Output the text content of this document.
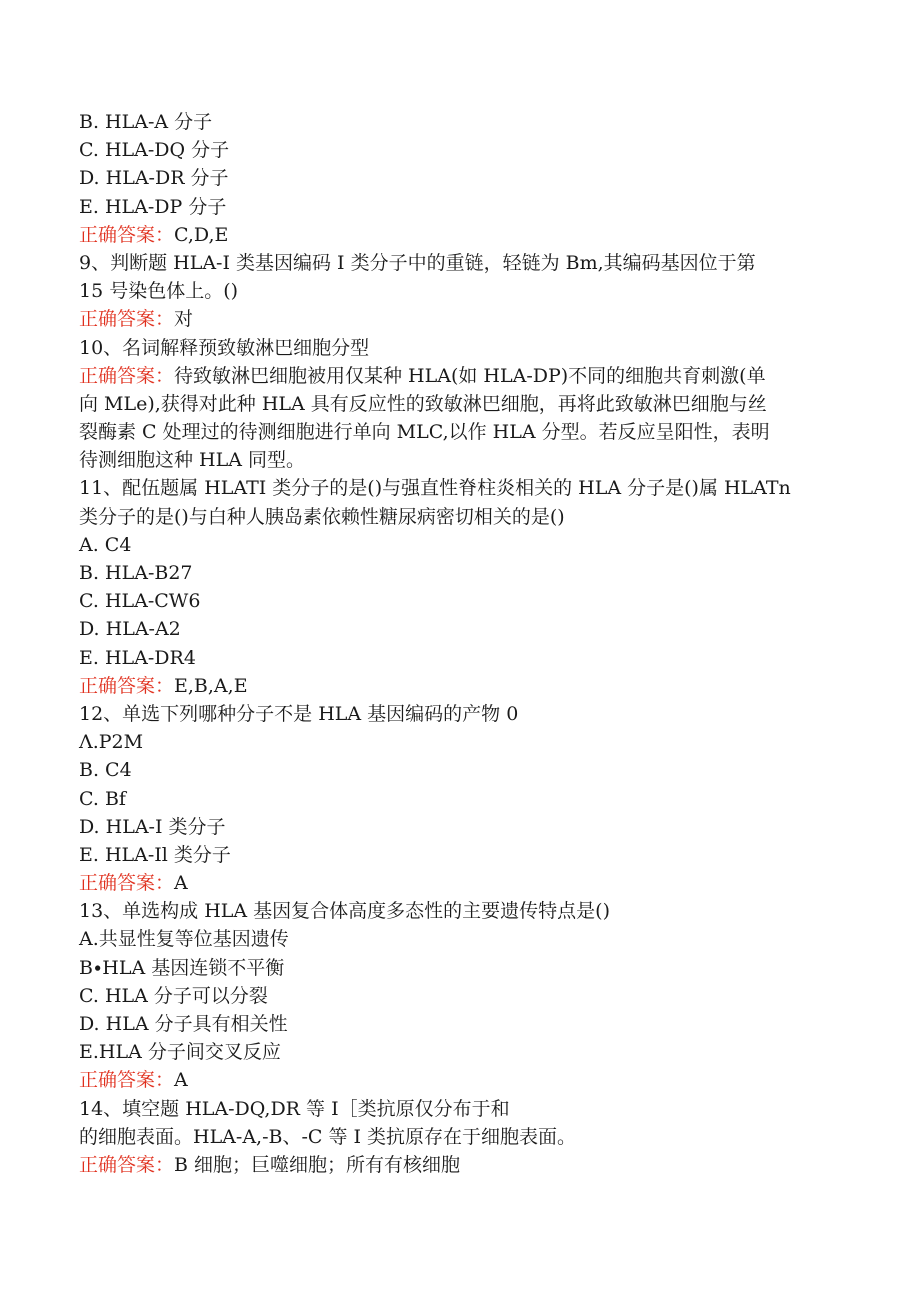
B. HLA-A 分子
C. HLA-DQ 分子
D. HLA-DR 分子
E. HLA-DP 分子
正确答案：C,D,E
9、判断题 HLA-I 类基因编码 I 类分子中的重链，轻链为 Bm,其编码基因位于第
15 号染色体上。()
正确答案：对
10、名词解释预致敏淋巴细胞分型
正确答案：待致敏淋巴细胞被用仅某种 HLA(如 HLA-DP)不同的细胞共育刺激(单
向 MLe),获得对此种 HLA 具有反应性的致敏淋巴细胞，再将此致敏淋巴细胞与丝
裂酶素 C 处理过的待测细胞进行单向 MLC,以作 HLA 分型。若反应呈阳性，表明
待测细胞这种 HLA 同型。
11、配伍题属 HLATI 类分子的是()与强直性脊柱炎相关的 HLA 分子是()属 HLATn
类分子的是()与白种人胰岛素依赖性糖尿病密切相关的是()
A. C4
B. HLA-B27
C. HLA-CW6
D. HLA-A2
E. HLA-DR4
正确答案：E,B,A,E
12、单选下列哪种分子不是 HLA 基因编码的产物 0
Λ.P2M
B. C4
C. Bf
D. HLA-I 类分子
E. HLA-Il 类分子
正确答案：A
13、单选构成 HLA 基因复合体高度多态性的主要遗传特点是()
A.共显性复等位基因遗传
B∙HLA 基因连锁不平衡
C. HLA 分子可以分裂
D. HLA 分子具有相关性
E.HLA 分子间交叉反应
正确答案：A
14、填空题 HLA-DQ,DR 等 I［类抗原仅分布于和
的细胞表面。HLA-A,-B、-C 等 I 类抗原存在于细胞表面。
正确答案：B 细胞；巨噬细胞；所有有核细胞
